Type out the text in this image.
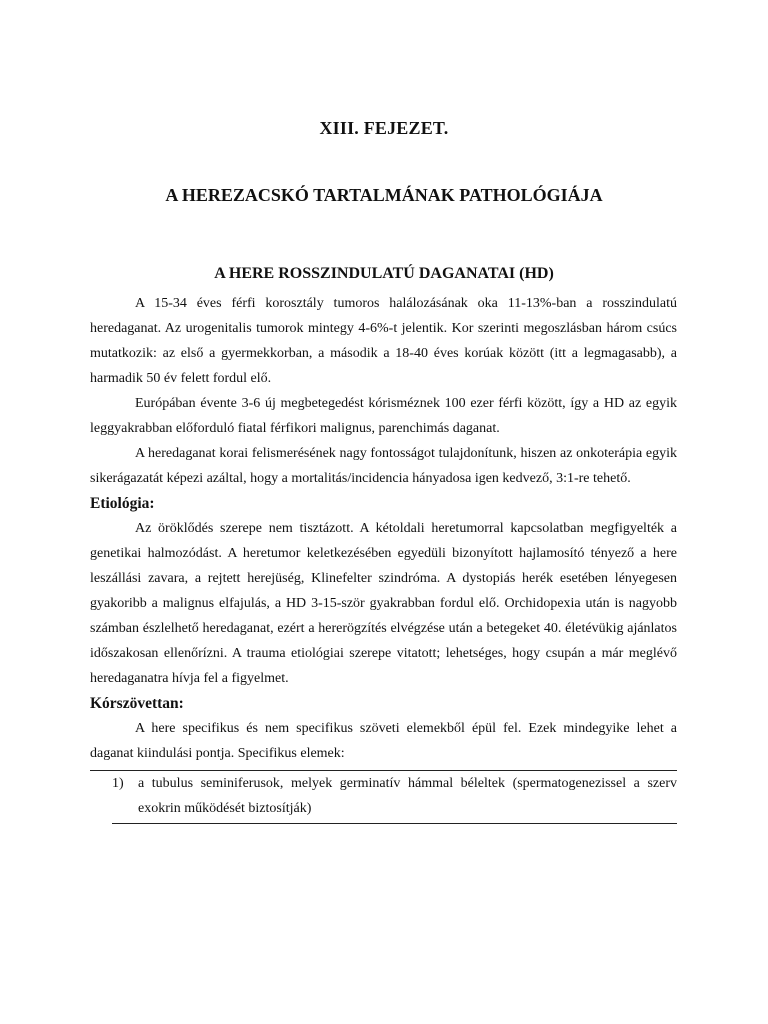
XIII. FEJEZET.
A HEREZACSKÓ TARTALMÁNAK PATHOLÓGIÁJA
A HERE ROSSZINDULATÚ DAGANATAI (HD)

A 15-34 éves férfi korosztály tumoros halálozásának oka 11-13%-ban a rosszindulatú heredaganat. Az urogenitalis tumorok mintegy 4-6%-t jelentik. Kor szerinti megoszlásban három csúcs mutatkozik: az első a gyermekkorban, a második a 18-40 éves korúak között (itt a legmagasabb), a harmadik 50 év felett fordul elő.

Európában évente 3-6 új megbetegedést kórisméznek 100 ezer férfi között, így a HD az egyik leggyakrabban előforduló fiatal férfikori malignus, parenchimás daganat.

A heredaganat korai felismerésének nagy fontosságot tulajdonítunk, hiszen az onkoterápia egyik sikerágazatát képezi azáltal, hogy a mortalitás/incidencia hányadosa igen kedvező, 3:1-re tehető.

Etiológia:

Az öröklődés szerepe nem tisztázott. A kétoldali heretumorral kapcsolatban megfigyelték a genetikai halmozódást. A heretumor keletkezésében egyedüli bizonyított hajlamosító tényező a here leszállási zavara, a rejtett herejüség, Klinefelter szindróma. A dystopiás herék esetében lényegesen gyakoribb a malignus elfajulás, a HD 3-15-ször gyakrabban fordul elő. Orchidopexia után is nagyobb számban észlelhető heredaganat, ezért a hererögzítés elvégzése után a betegeket 40. életévükig ajánlatos időszakosan ellenőrízni. A trauma etiológiai szerepe vitatott; lehetséges, hogy csupán a már meglévő heredaganatra hívja fel a figyelmet.

Kórszövettan:

A here specifikus és nem specifikus szöveti elemekből épül fel. Ezek mindegyike lehet a daganat kiindulási pontja. Specifikus elemek:

1)	a tubulus seminiferusok, melyek germinatív hámmal béleltek (spermatogenezissel a szerv exokrin működését biztosítják)
